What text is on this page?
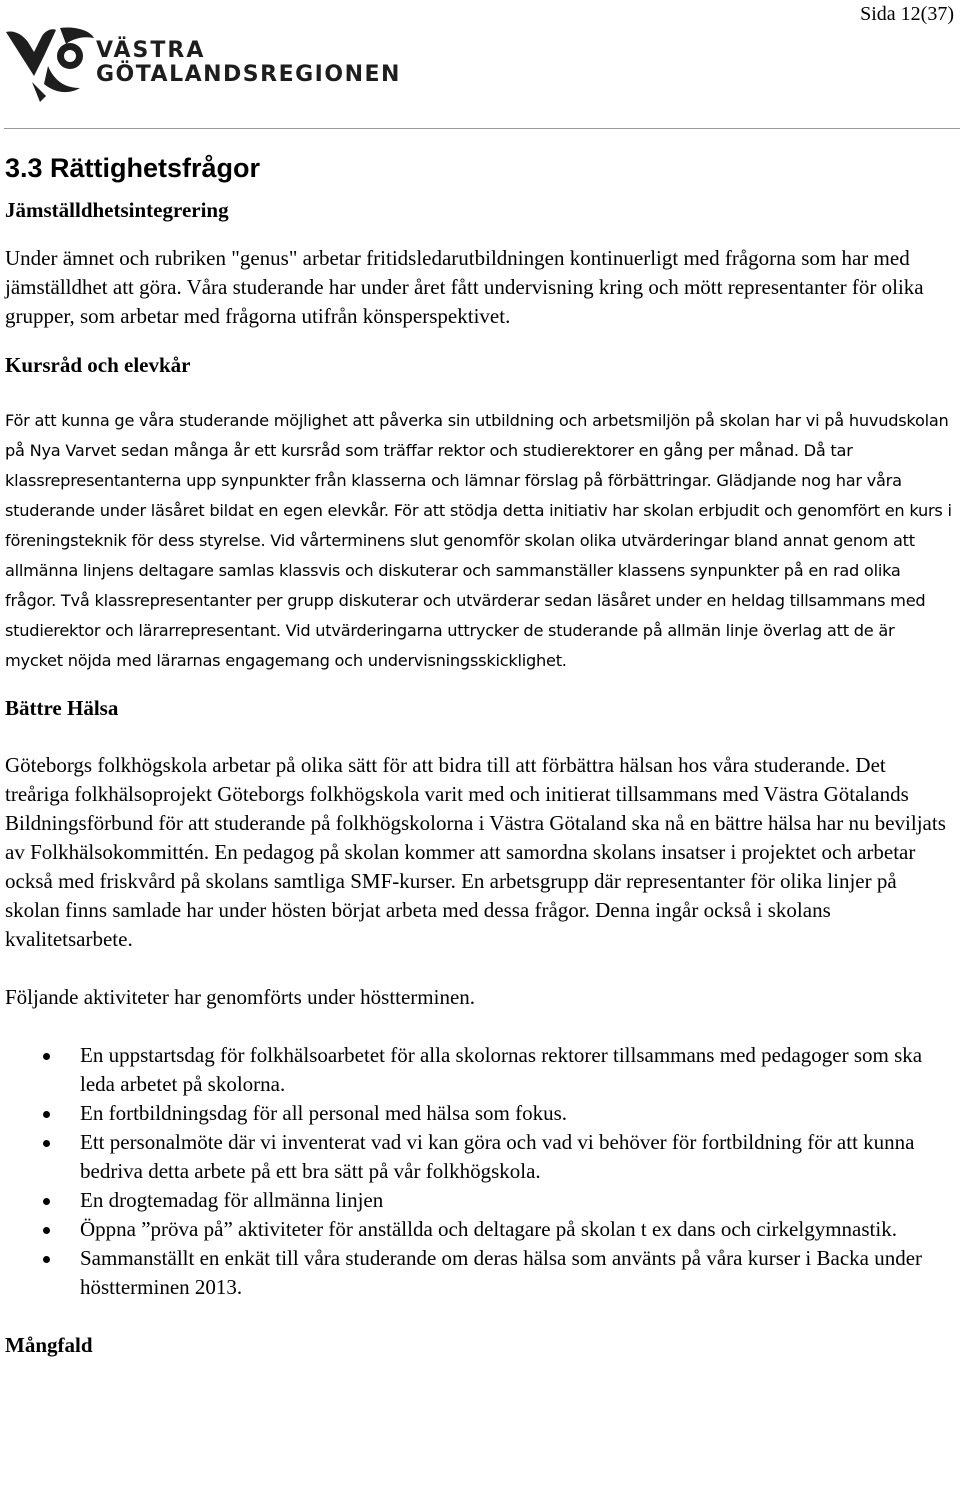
Sida 12(37)
VÄSTRA
GÖTALANDSREGIONEN
3.3 Rättighetsfrågor
Jämställdhetsintegrering

Under ämnet och rubriken "genus" arbetar fritidsledarutbildningen kontinuerligt med frågorna som har med jämställdhet att göra. Våra studerande har under året fått undervisning kring och mött representanter för olika grupper, som arbetar med frågorna utifrån könsperspektivet.

Kursråd och elevkår

För att kunna ge våra studerande möjlighet att påverka sin utbildning och arbetsmiljön på skolan har vi på huvudskolan på Nya Varvet sedan många år ett kursråd som träffar rektor och studierektorer en gång per månad. Då tar klassrepresentanterna upp synpunkter från klasserna och lämnar förslag på förbättringar. Glädjande nog har våra studerande under läsåret bildat en egen elevkår. För att stödja detta initiativ har skolan erbjudit och genomfört en kurs i föreningsteknik för dess styrelse. Vid vårterminens slut genomför skolan olika utvärderingar bland annat genom att allmänna linjens deltagare samlas klassvis och diskuterar och sammanställer klassens synpunkter på en rad olika frågor. Två klassrepresentanter per grupp diskuterar och utvärderar sedan läsåret under en heldag tillsammans med studierektor och lärarrepresentant. Vid utvärderingarna uttrycker de studerande på allmän linje överlag att de är mycket nöjda med lärarnas engagemang och undervisningsskicklighet.

Bättre Hälsa

Göteborgs folkhögskola arbetar på olika sätt för att bidra till att förbättra hälsan hos våra studerande. Det treåriga folkhälsoprojekt Göteborgs folkhögskola varit med och initierat tillsammans med Västra Götalands Bildningsförbund för att studerande på folkhögskolorna i Västra Götaland ska nå en bättre hälsa har nu beviljats av Folkhälsokommittén. En pedagog på skolan kommer att samordna skolans insatser i projektet och arbetar också med friskvård på skolans samtliga SMF-kurser. En arbetsgrupp där representanter för olika linjer på skolan finns samlade har under hösten börjat arbeta med dessa frågor. Denna ingår också i skolans kvalitetsarbete.

Följande aktiviteter har genomförts under höstterminen.

En uppstartsdag för folkhälsoarbetet för alla skolornas rektorer tillsammans med pedagoger som ska leda arbetet på skolorna.
En fortbildningsdag för all personal med hälsa som fokus.
Ett personalmöte där vi inventerat vad vi kan göra och vad vi behöver för fortbildning för att kunna bedriva detta arbete på ett bra sätt på vår folkhögskola.
En drogtemadag för allmänna linjen
Öppna ”pröva på” aktiviteter för anställda och deltagare på skolan t ex dans och cirkelgymnastik.
Sammanställt en enkät till våra studerande om deras hälsa som använts på våra kurser i Backa under höstterminen 2013.
Mångfald
